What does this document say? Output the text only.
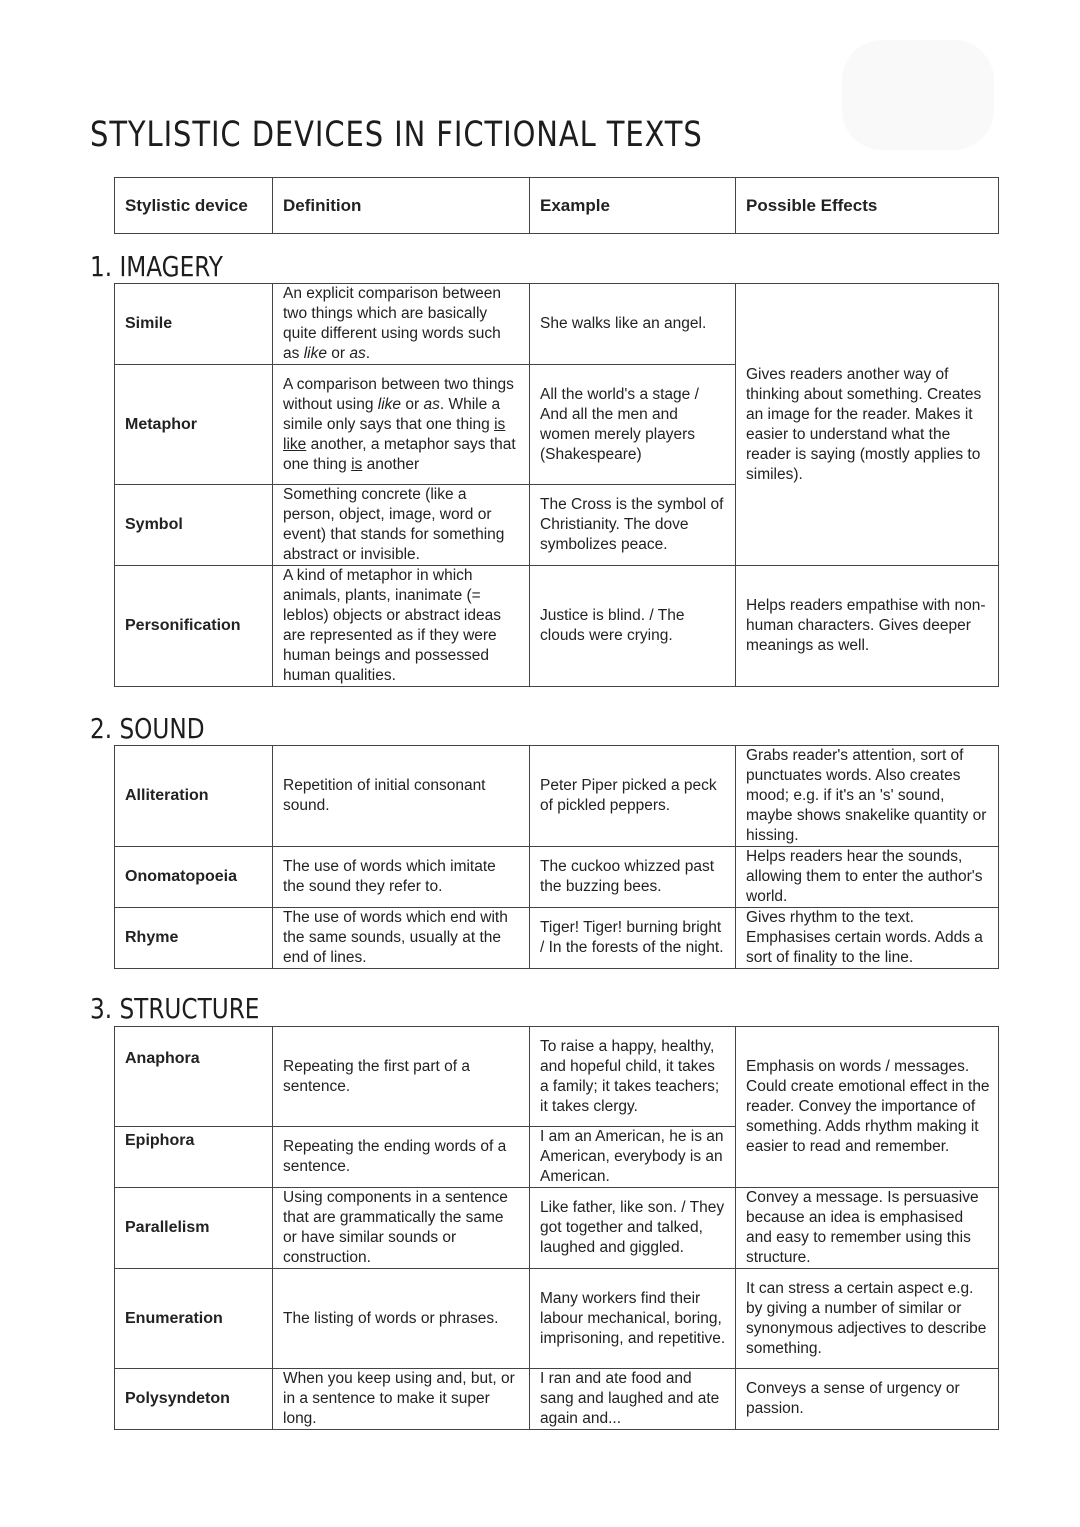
STYLISTIC DEVICES IN FICTIONAL TEXTS
Stylistic device	Definition	Example	Possible Effects
1. IMAGERY
Simile	An explicit comparison between two things which are basically quite different using words such as like or as.	She walks like an angel.	Gives readers another way of thinking about something. Creates an image for the reader. Makes it easier to understand what the reader is saying (mostly applies to similes).
Metaphor	A comparison between two things without using like or as. While a simile only says that one thing is like another, a metaphor says that one thing is another	All the world's a stage / And all the men and women merely players (Shakespeare)	
Symbol	Something concrete (like a person, object, image, word or event) that stands for something abstract or invisible.	The Cross is the symbol of Christianity. The dove symbolizes peace.	
Personification	A kind of metaphor in which animals, plants, inanimate (= leblos) objects or abstract ideas are represented as if they were human beings and possessed human qualities.	Justice is blind. / The clouds were crying.	Helps readers empathise with non-human characters. Gives deeper meanings as well.
2. SOUND
Alliteration	Repetition of initial consonant sound.	Peter Piper picked a peck of pickled peppers.	Grabs reader's attention, sort of punctuates words. Also creates mood; e.g. if it's an 's' sound, maybe shows snakelike quantity or hissing.
Onomatopoeia	The use of words which imitate the sound they refer to.	The cuckoo whizzed past the buzzing bees.	Helps readers hear the sounds, allowing them to enter the author's world.
Rhyme	The use of words which end with the same sounds, usually at the end of lines.	Tiger! Tiger! burning bright / In the forests of the night.	Gives rhythm to the text. Emphasises certain words. Adds a sort of finality to the line.
3. STRUCTURE
Anaphora	Repeating the first part of a sentence.	To raise a happy, healthy, and hopeful child, it takes a family; it takes teachers; it takes clergy.	Emphasis on words / messages. Could create emotional effect in the reader. Convey the importance of something. Adds rhythm making it easier to read and remember.
Epiphora	Repeating the ending words of a sentence.	I am an American, he is an American, everybody is an American.	
Parallelism	Using components in a sentence that are grammatically the same or have similar sounds or construction.	Like father, like son. / They got together and talked, laughed and giggled.	Convey a message. Is persuasive because an idea is emphasised and easy to remember using this structure.
Enumeration	The listing of words or phrases.	Many workers find their labour mechanical, boring, imprisoning, and repetitive.	It can stress a certain aspect e.g. by giving a number of similar or synonymous adjectives to describe something.
Polysyndeton	When you keep using and, but, or in a sentence to make it super long.	I ran and ate food and sang and laughed and ate again and...	Conveys a sense of urgency or passion.
